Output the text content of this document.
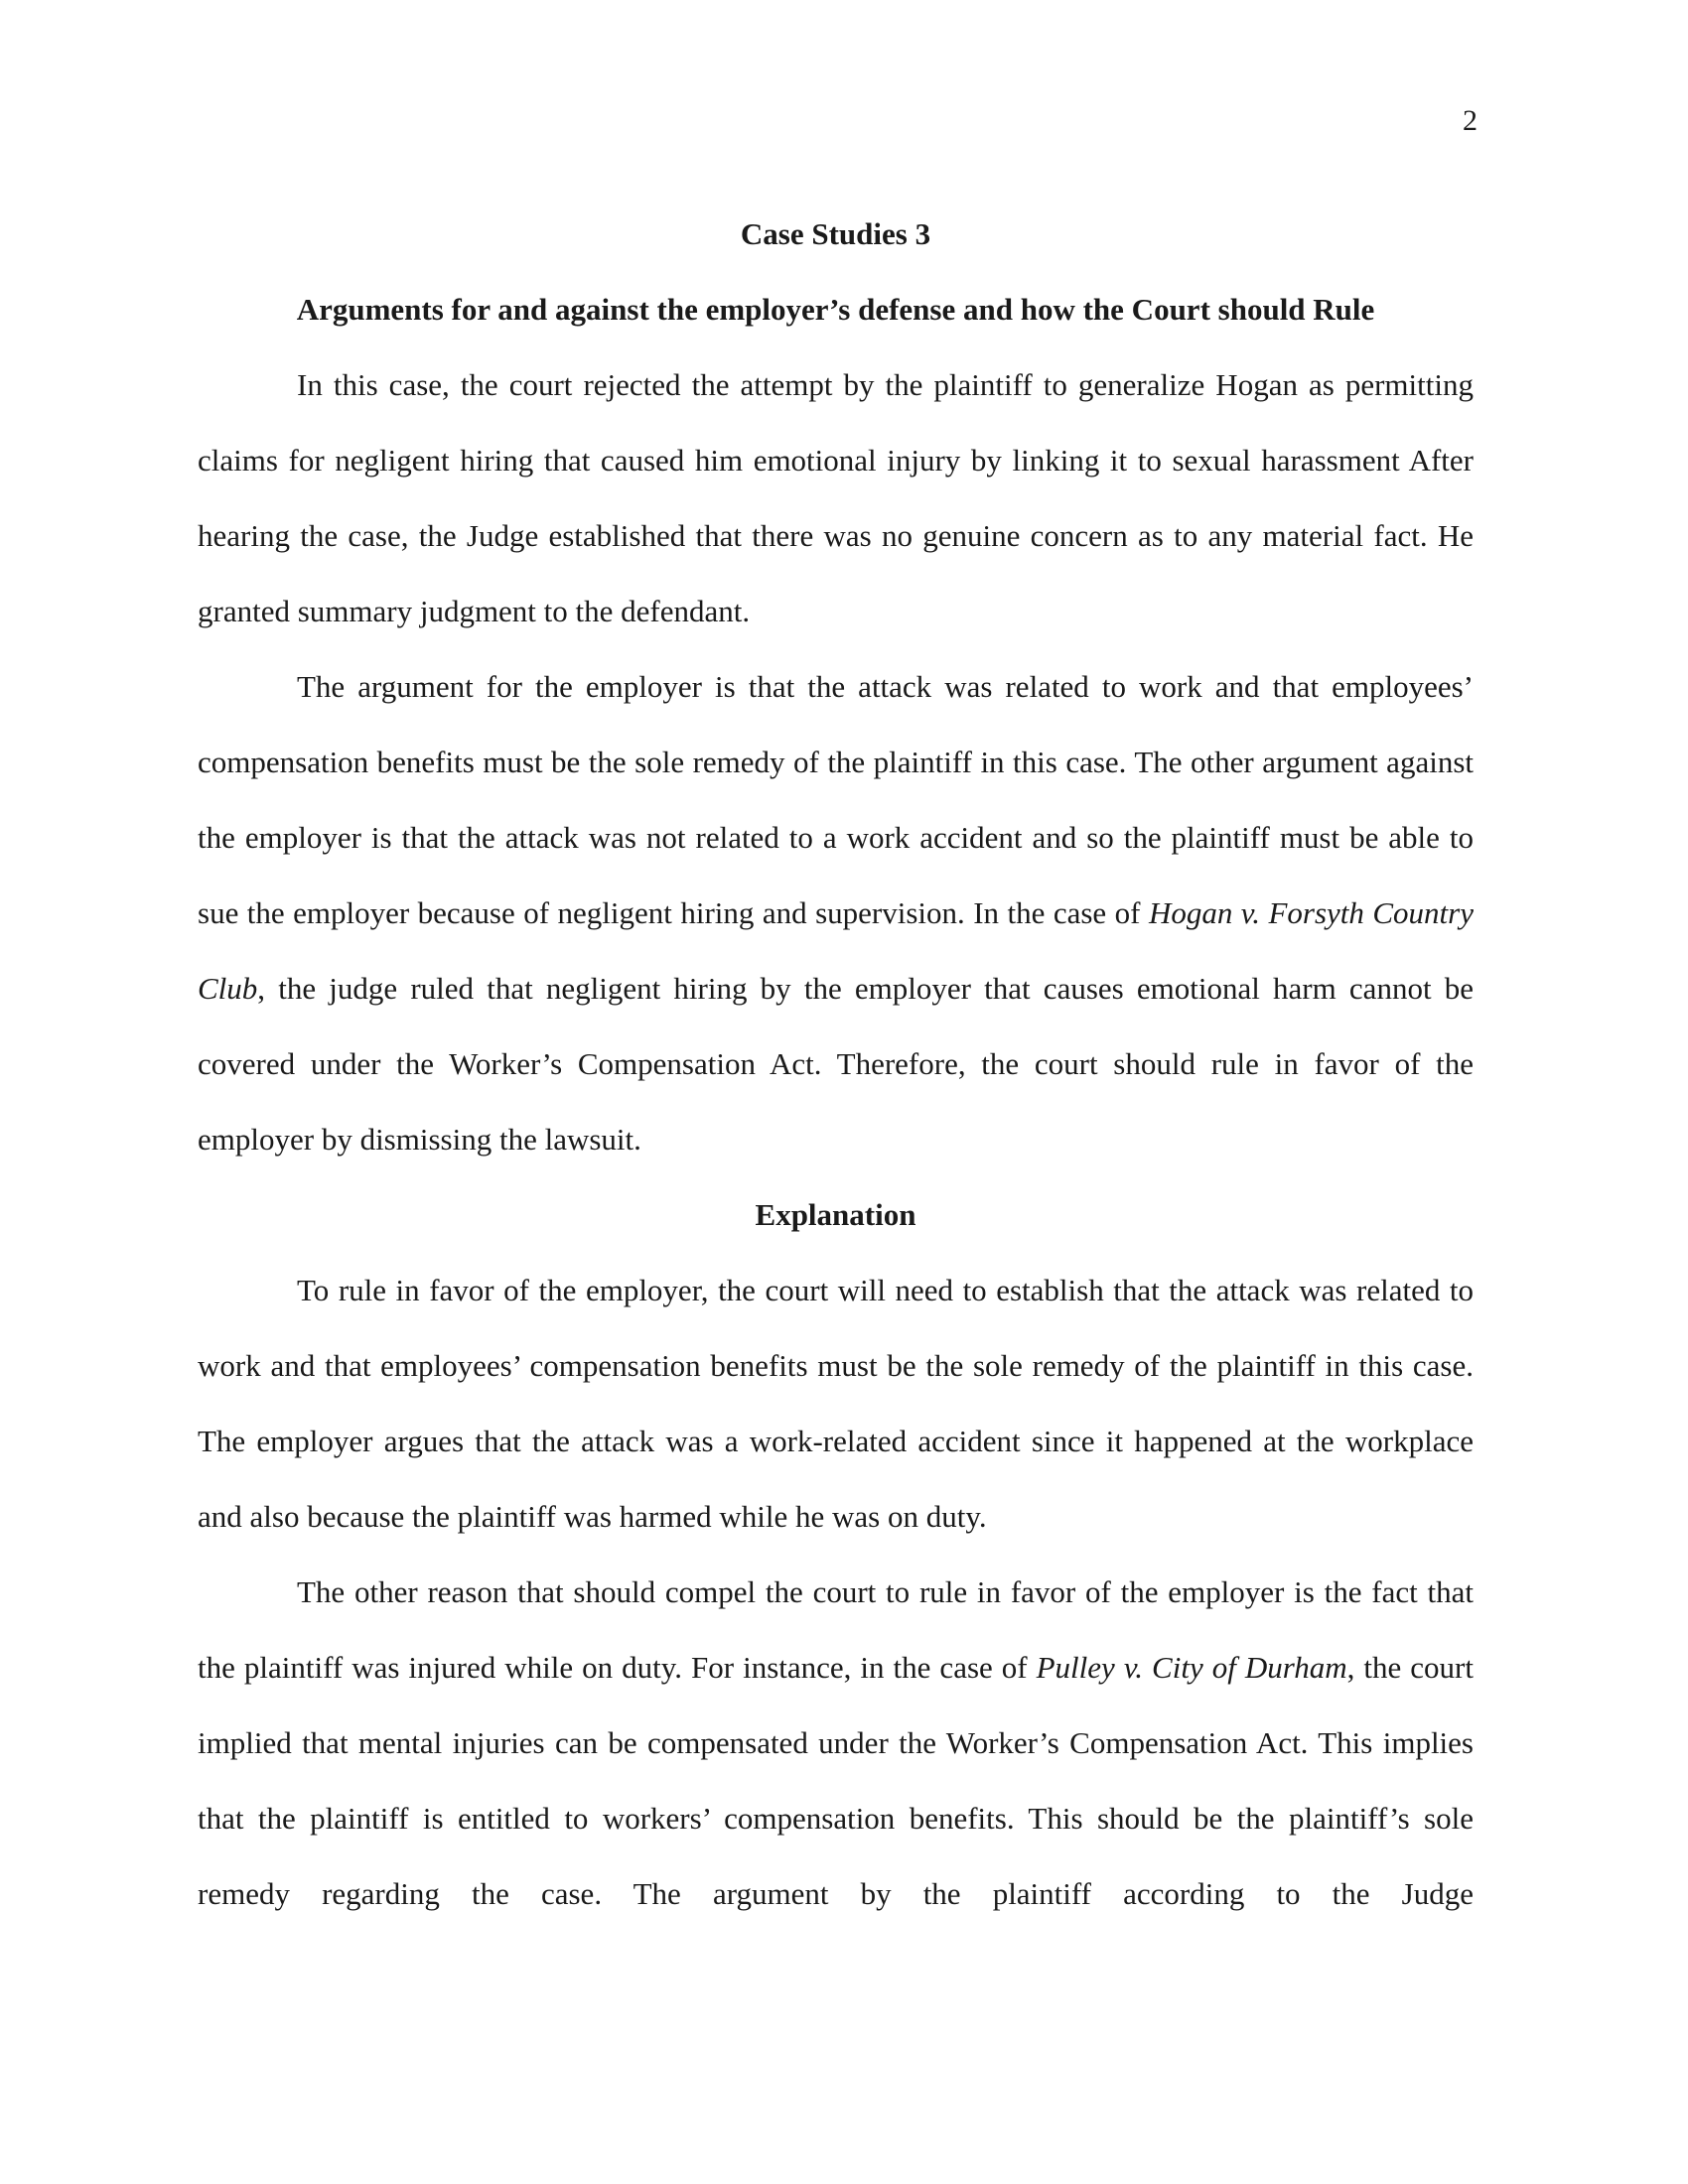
2

Case Studies 3

Arguments for and against the employer’s defense and how the Court should Rule

In this case, the court rejected the attempt by the plaintiff to generalize Hogan as permitting claims for negligent hiring that caused him emotional injury by linking it to sexual harassment After hearing the case, the Judge established that there was no genuine concern as to any material fact. He granted summary judgment to the defendant.

The argument for the employer is that the attack was related to work and that employees’ compensation benefits must be the sole remedy of the plaintiff in this case. The other argument against the employer is that the attack was not related to a work accident and so the plaintiff must be able to sue the employer because of negligent hiring and supervision. In the case of Hogan v. Forsyth Country Club, the judge ruled that negligent hiring by the employer that causes emotional harm cannot be covered under the Worker’s Compensation Act. Therefore, the court should rule in favor of the employer by dismissing the lawsuit.

Explanation

To rule in favor of the employer, the court will need to establish that the attack was related to work and that employees’ compensation benefits must be the sole remedy of the plaintiff in this case. The employer argues that the attack was a work-related accident since it happened at the workplace and also because the plaintiff was harmed while he was on duty.

The other reason that should compel the court to rule in favor of the employer is the fact that the plaintiff was injured while on duty. For instance, in the case of Pulley v. City of Durham, the court implied that mental injuries can be compensated under the Worker’s Compensation Act. This implies that the plaintiff is entitled to workers’ compensation benefits. This should be the plaintiff’s sole remedy regarding the case. The argument by the plaintiff according to the Judge
